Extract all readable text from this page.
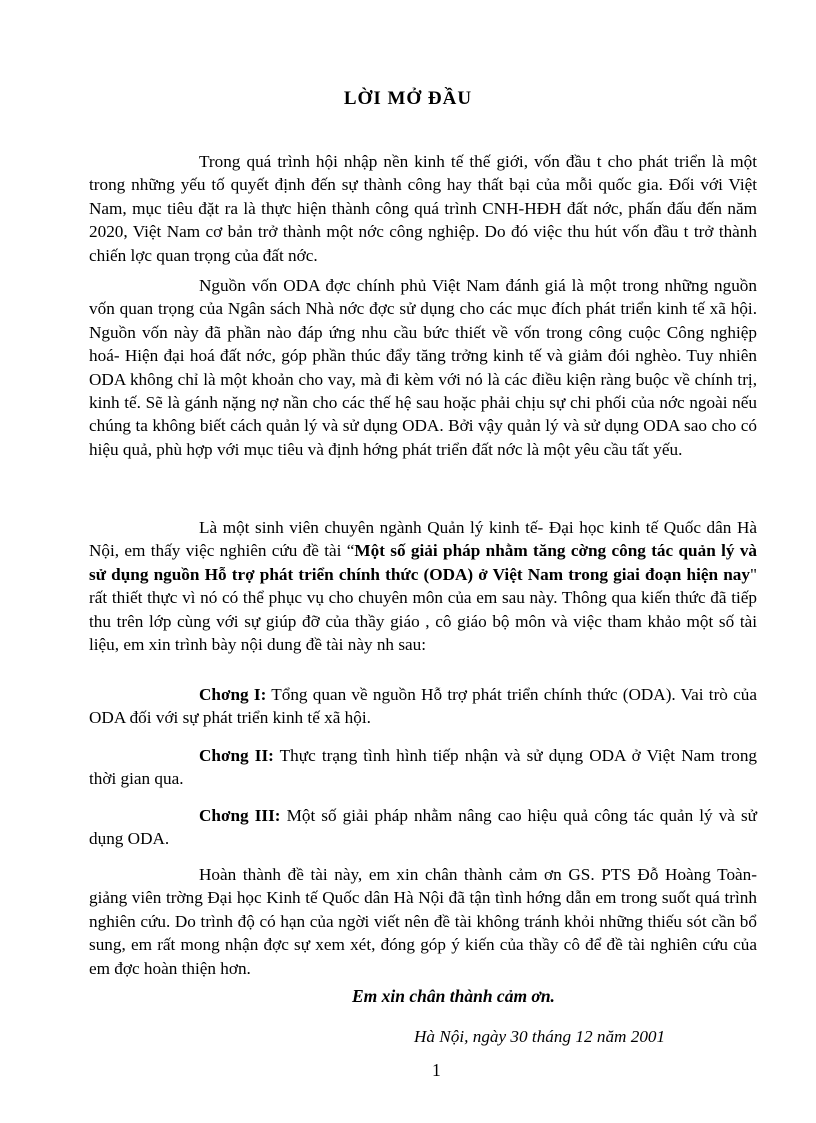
LỜI MỞ ĐẦU

Trong quá trình hội nhập nền kinh tế thế giới, vốn đầu t cho phát triển là một trong những yếu tố quyết định đến sự thành công hay thất bại của mỗi quốc gia. Đối với Việt Nam, mục tiêu đặt ra là thực hiện thành công quá trình CNH-HĐH đất nớc, phấn đấu đến năm 2020, Việt Nam cơ bản trở thành một nớc công nghiệp. Do đó việc thu hút vốn đầu t trở thành chiến lợc quan trọng của đất nớc.

Nguồn vốn ODA đợc chính phủ Việt Nam đánh giá là một trong những nguồn vốn quan trọng của Ngân sách Nhà nớc đợc sử dụng cho các mục đích phát triển kinh tế xã hội. Nguồn vốn này đã phần nào đáp ứng nhu cầu bức thiết về vốn trong công cuộc Công nghiệp hoá- Hiện đại hoá đất nớc, góp phần thúc đẩy tăng trởng kinh tế và giảm đói nghèo. Tuy nhiên ODA không chỉ là một khoản cho vay, mà đi kèm với nó là các điều kiện ràng buộc về chính trị, kinh tế. Sẽ là gánh nặng nợ nần cho các thế hệ sau hoặc phải chịu sự chi phối của nớc ngoài nếu chúng ta không biết cách quản lý và sử dụng ODA. Bởi vậy quản lý và sử dụng ODA sao cho có hiệu quả, phù hợp với mục tiêu và định hớng phát triển đất nớc là một yêu cầu tất yếu.

Là một sinh viên chuyên ngành Quản lý kinh tế- Đại học kinh tế Quốc dân Hà Nội, em thấy việc nghiên cứu đề tài “Một số giải pháp nhằm tăng cờng công tác quản lý và sử dụng nguồn Hỗ trợ phát triển chính thức (ODA) ở Việt Nam trong giai đoạn hiện nay" rất thiết thực vì nó có thể phục vụ cho chuyên môn của em sau này. Thông qua kiến thức đã tiếp thu trên lớp cùng với sự giúp đỡ của thầy giáo , cô giáo bộ môn và việc tham khảo một số tài liệu, em xin trình bày nội dung đề tài này nh sau:

Chơng I: Tổng quan về nguồn Hỗ trợ phát triển chính thức (ODA). Vai trò của ODA đối với sự phát triển kinh tế xã hội.

Chơng II: Thực trạng tình hình tiếp nhận và sử dụng ODA ở Việt Nam trong thời gian qua.

Chơng III: Một số giải pháp nhằm nâng cao hiệu quả công tác quản lý và sử dụng ODA.

Hoàn thành đề tài này, em xin chân thành cảm ơn GS. PTS Đỗ Hoàng Toàn- giảng viên trờng Đại học Kinh tế Quốc dân Hà Nội đã tận tình hớng dẫn em trong suốt quá trình nghiên cứu. Do trình độ có hạn của ngời viết nên đề tài không tránh khỏi những thiếu sót cần bổ sung, em rất mong nhận đợc sự xem xét, đóng góp ý kiến của thầy cô để đề tài nghiên cứu của em đợc hoàn thiện hơn.

Em xin chân thành cảm ơn.
Hà Nội, ngày 30 tháng 12 năm 2001
1
